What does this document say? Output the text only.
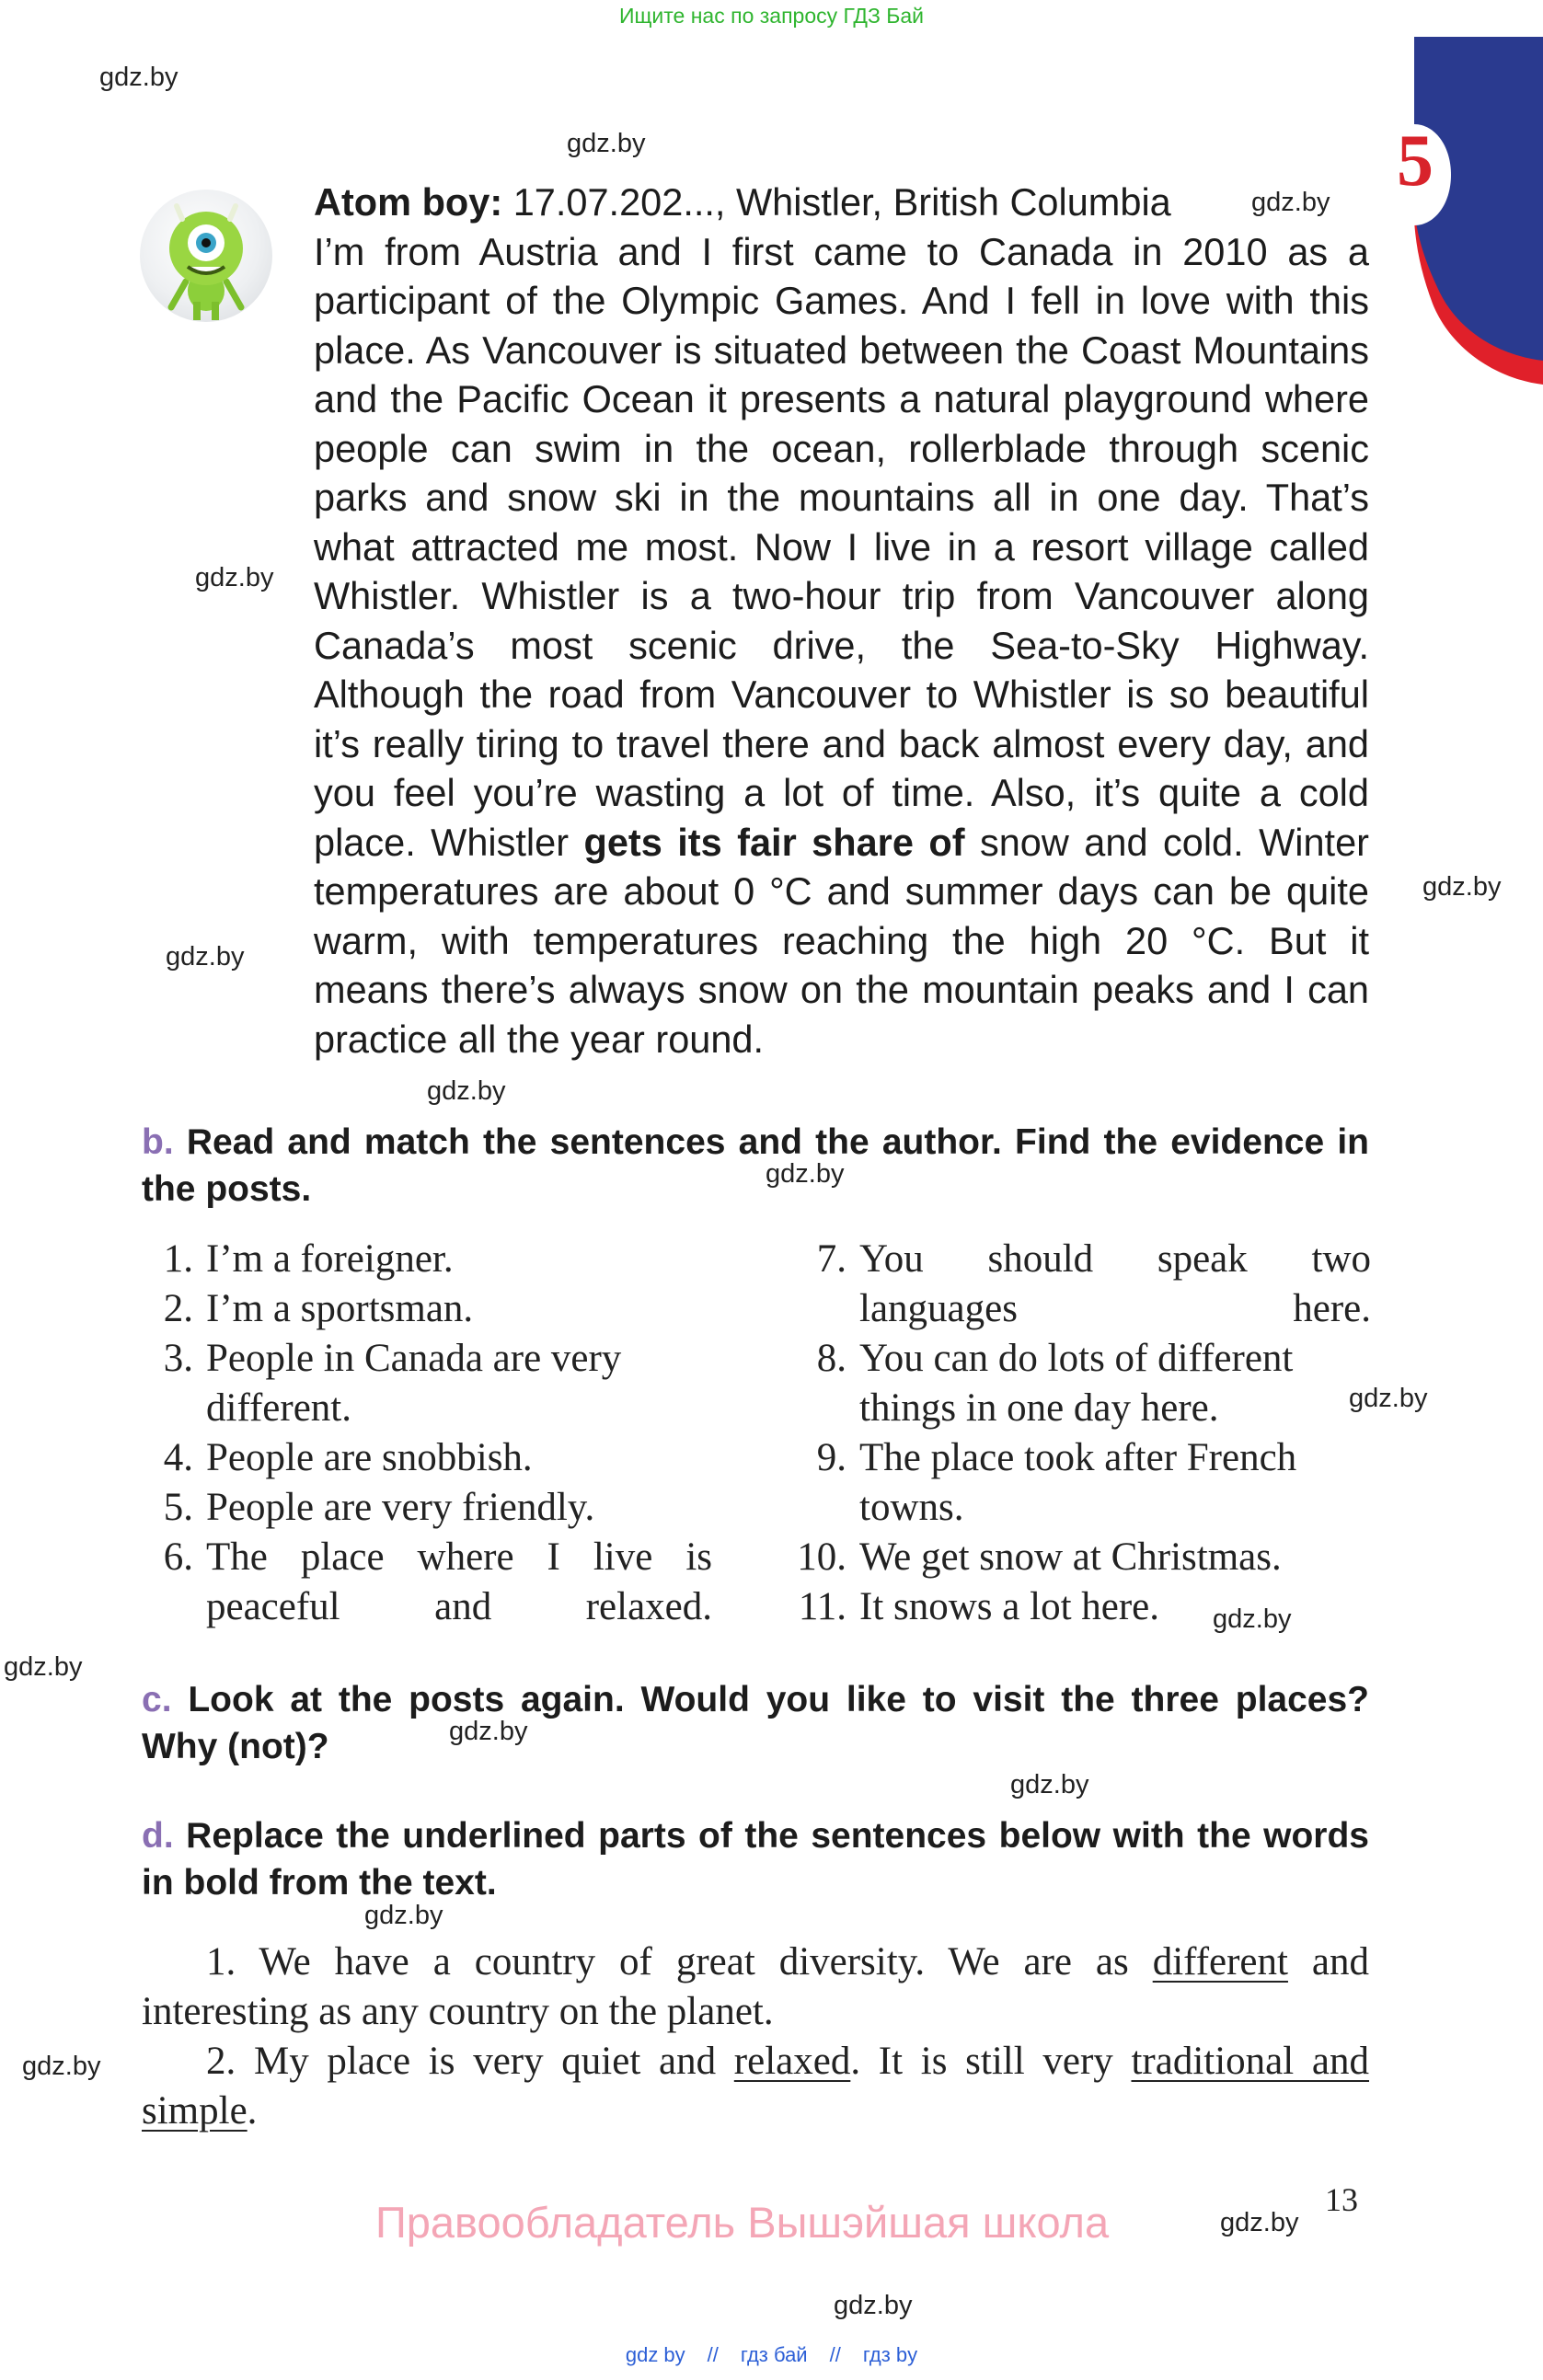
Ищите нас по запросу ГДЗ Бай
5
Atom boy: 17.07.202..., Whistler, British Columbia
I’m from Austria and I first came to Canada in 2010 as a participant of the Olympic Games. And I fell in love with this place. As Vancouver is situated between the Coast Mountains and the Pacific Ocean it presents a natural playground where people can swim in the ocean, rollerblade through scenic parks and snow ski in the mountains all in one day. That’s what attracted me most. Now I live in a resort village called Whistler. Whistler is a two-hour trip from Vancouver along Canada’s most scenic drive, the Sea-to-Sky Highway. Although the road from Vancouver to Whistler is so beautiful it’s really tiring to travel there and back almost every day, and you feel you’re wasting a lot of time. Also, it’s quite a cold place. Whistler gets its fair share of snow and cold. Winter temperatures are about 0 °C and summer days can be quite warm, with temperatures reaching the high 20 °C. But it means there’s always snow on the mountain peaks and I can practice all the year round.
b. Read and match the sentences and the author. Find the evidence in the posts.
1. I’m a foreigner.
2. I’m a sportsman.
3. People in Canada are very different.
4. People are snobbish.
5. People are very friendly.
6. The place where I live is peaceful and relaxed.
7. You should speak two languages here.
8. You can do lots of different things in one day here.
9. The place took after French towns.
10. We get snow at Christmas.
11. It snows a lot here.
c. Look at the posts again. Would you like to visit the three places? Why (not)?
d. Replace the underlined parts of the sentences below with the words in bold from the text.
1. We have a country of great diversity. We are as different and interesting as any country on the planet.
2. My place is very quiet and relaxed. It is still very traditional and simple.
13
Правообладатель Вышэйшая школа
gdz.by
gdz.by
gdz.by
gdz.by
gdz.by
gdz.by
gdz.by
gdz.by
gdz.by
gdz.by
gdz.by
gdz.by
gdz.by
gdz.by
gdz.by
gdz.by
gdz.by
gdz by // гдз бай // гдз by
